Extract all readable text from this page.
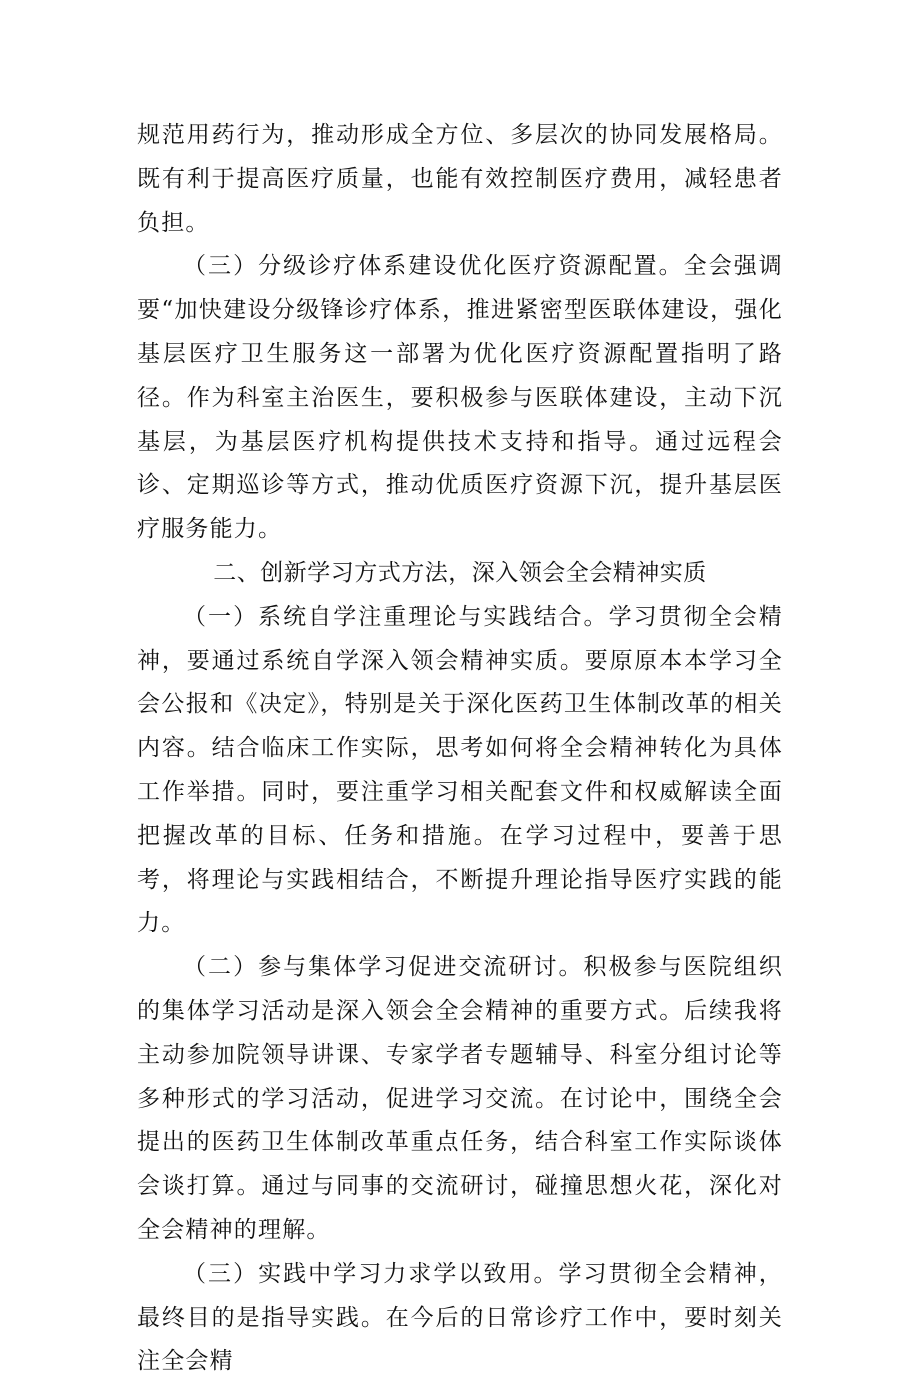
规范用药行为，推动形成全方位、多层次的协同发展格局。既有利于提高医疗质量，也能有效控制医疗费用，减轻患者负担。

（三）分级诊疗体系建设优化医疗资源配置。全会强调要“加快建设分级锋诊疗体系，推进紧密型医联体建设，强化基层医疗卫生服务这一部署为优化医疗资源配置指明了路径。作为科室主治医生，要积极参与医联体建设，主动下沉基层，为基层医疗机构提供技术支持和指导。通过远程会诊、定期巡诊等方式，推动优质医疗资源下沉，提升基层医疗服务能力。

二、创新学习方式方法，深入领会全会精神实质

（一）系统自学注重理论与实践结合。学习贯彻全会精神，要通过系统自学深入领会精神实质。要原原本本学习全会公报和《决定》，特别是关于深化医药卫生体制改革的相关内容。结合临床工作实际，思考如何将全会精神转化为具体工作举措。同时，要注重学习相关配套文件和权威解读全面把握改革的目标、任务和措施。在学习过程中，要善于思考，将理论与实践相结合，不断提升理论指导医疗实践的能力。

（二）参与集体学习促进交流研讨。积极参与医院组织的集体学习活动是深入领会全会精神的重要方式。后续我将主动参加院领导讲课、专家学者专题辅导、科室分组讨论等多种形式的学习活动，促进学习交流。在讨论中，围绕全会提出的医药卫生体制改革重点任务，结合科室工作实际谈体会谈打算。通过与同事的交流研讨，碰撞思想火花，深化对全会精神的理解。

（三）实践中学习力求学以致用。学习贯彻全会精神，最终目的是指导实践。在今后的日常诊疗工作中，要时刻关注全会精
